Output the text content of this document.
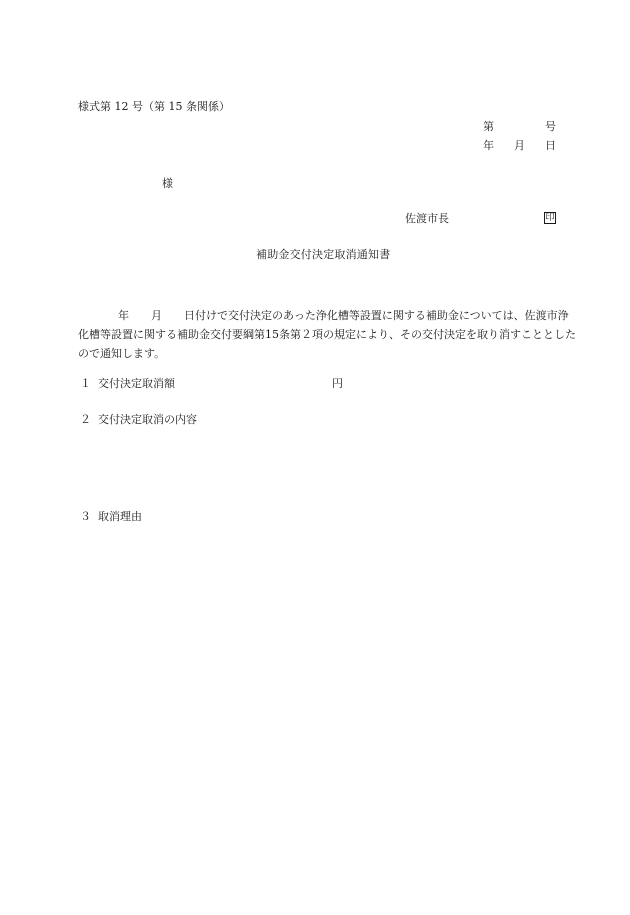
様式第 12 号（第 15 条関係）
第	号
年 月 日
様
佐渡市長	印
補助金交付決定取消通知書
年 月 日付けで交付決定のあった浄化槽等設置に関する補助金については、佐渡市浄
化槽等設置に関する補助金交付要綱第15条第２項の規定により、その交付決定を取り消すこととした
ので通知します。
１ 交付決定取消額	円
２ 交付決定取消の内容
３ 取消理由
